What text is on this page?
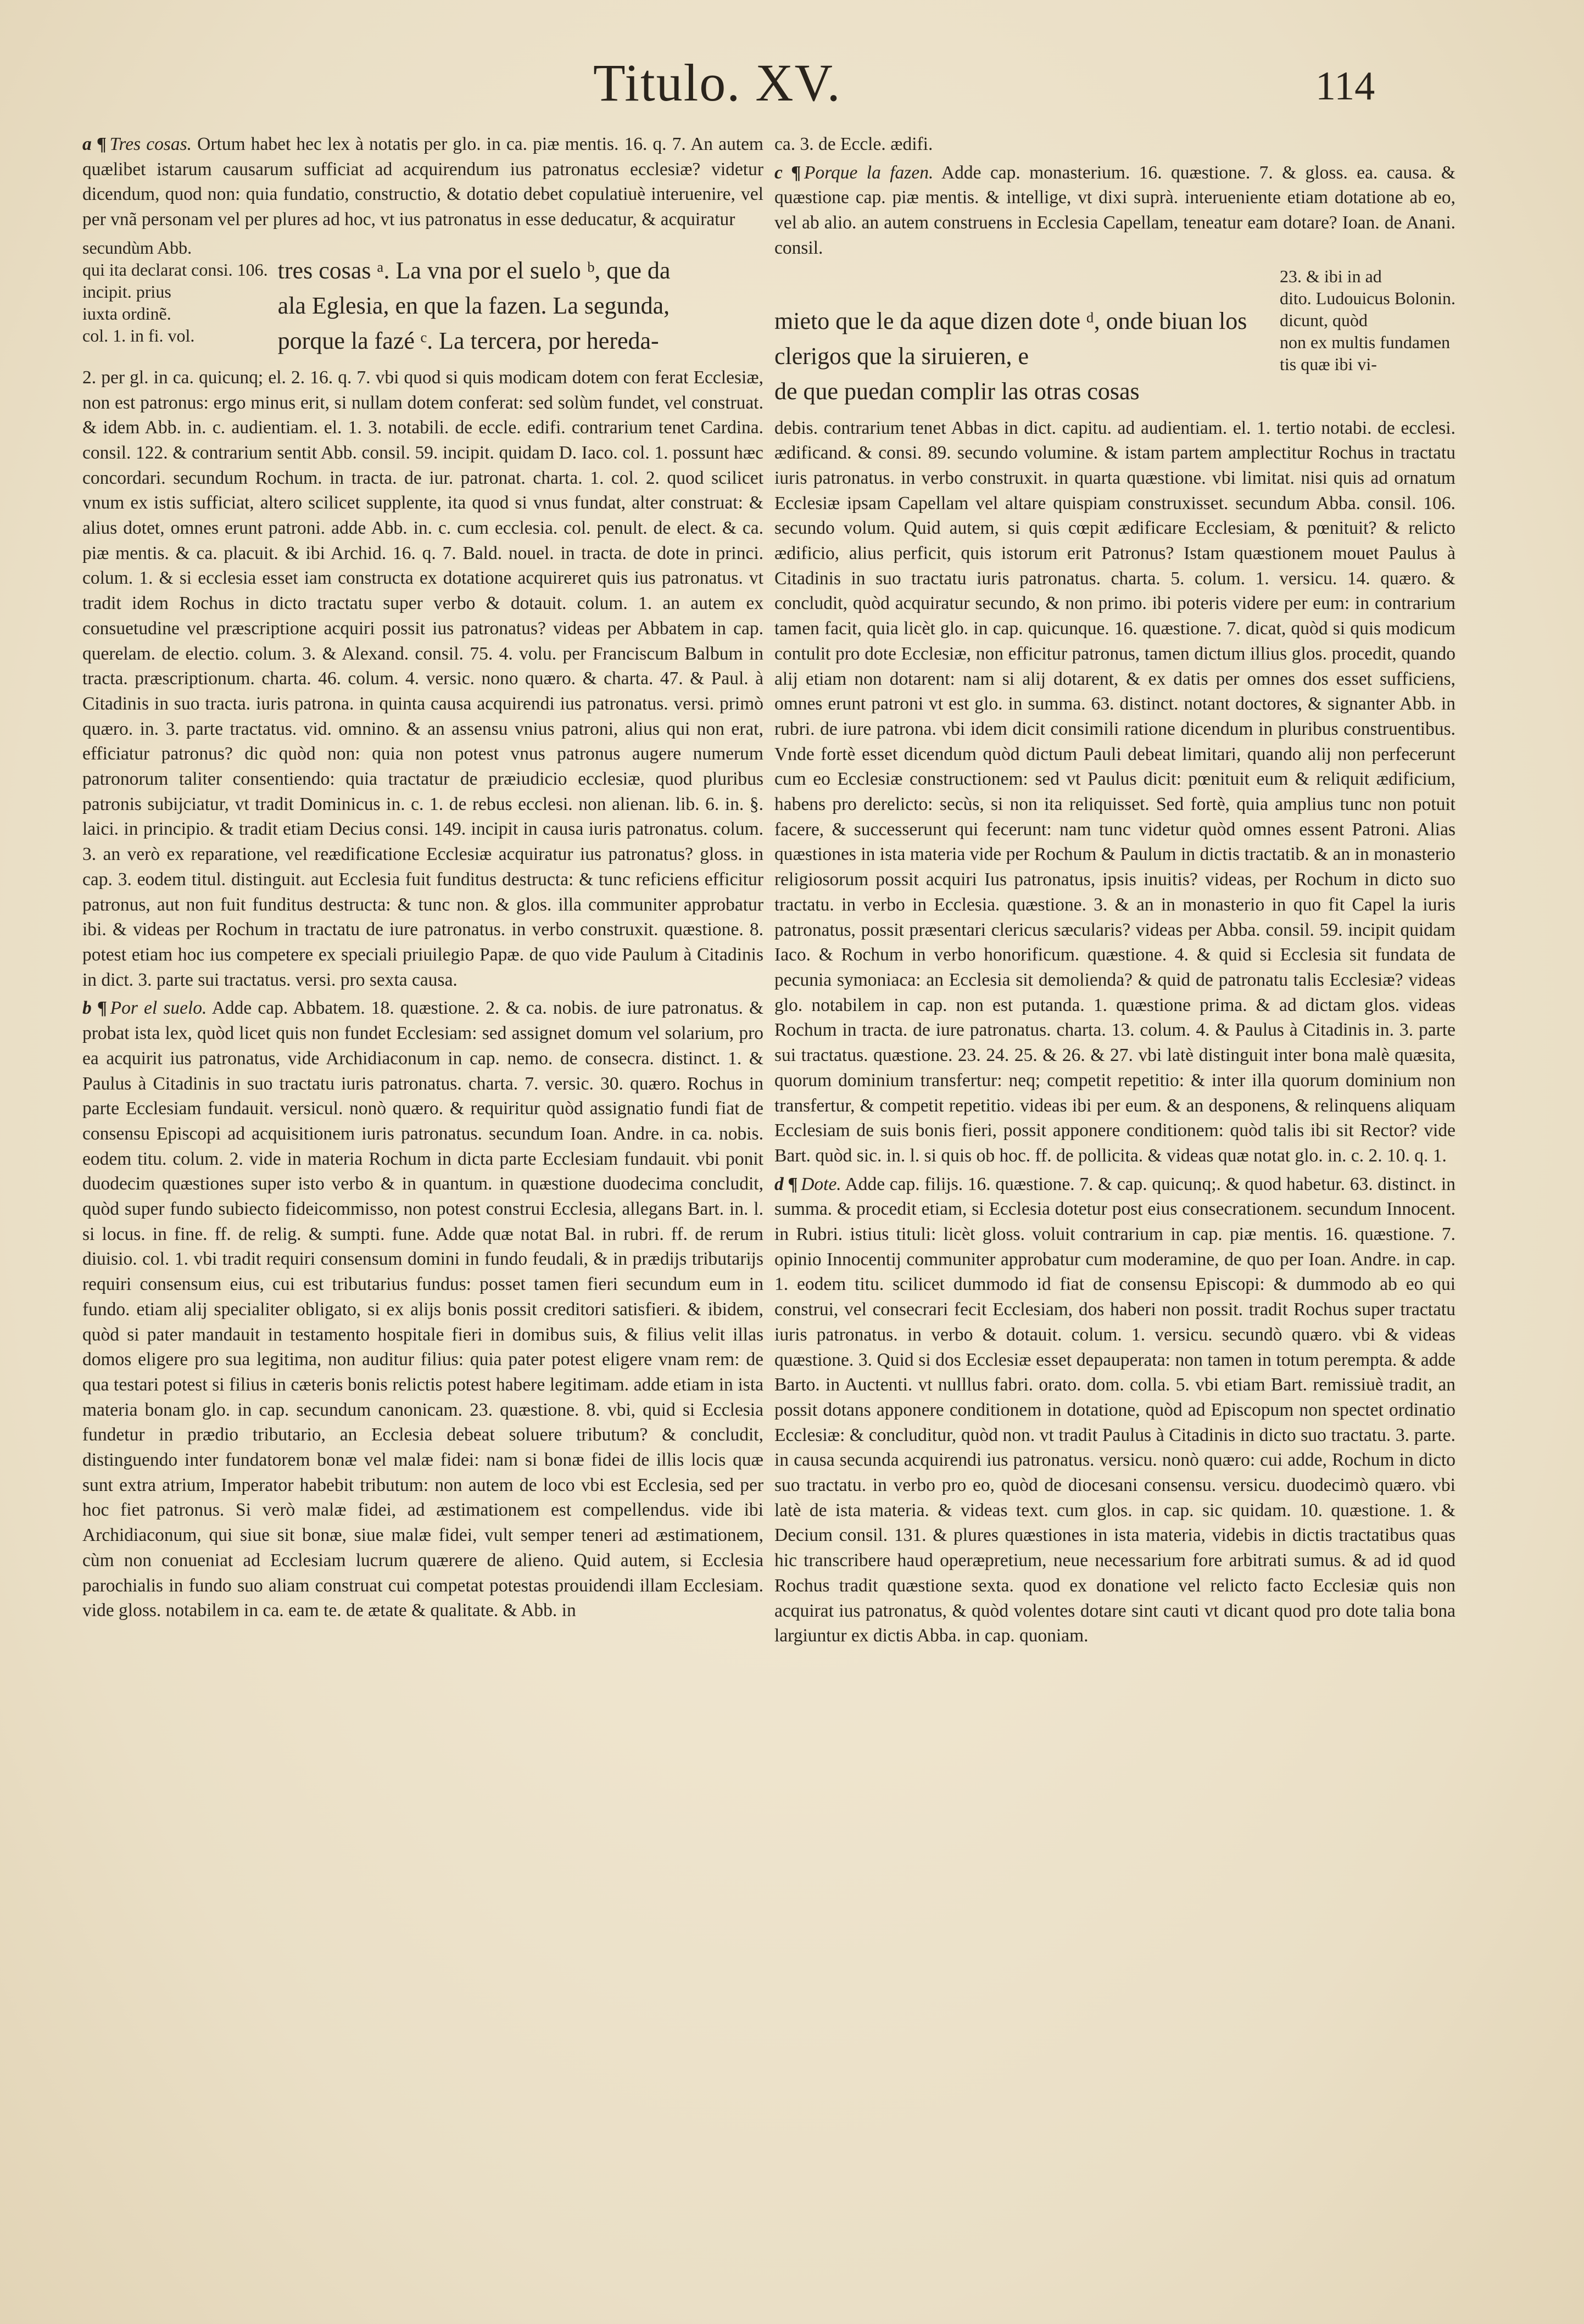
Titulo. XV.	114

a ¶ Tres cosas. Ortum habet hec lex à notatis per glo. in ca. piæ mentis. 16. q. 7. An autem quælibet istarum causarum sufficiat ad acquirendum ius patronatus ecclesiæ? videtur dicendum, quod non: quia fundatio, constructio, & dotatio debet copulatiuè interuenire, vel per vnã personam vel per plures ad hoc, vt ius patronatus in esse deducatur, & acquiratur

secundùm Abb.
qui ita declarat consi. 106.
incipit. prius
iuxta ordinẽ.
col. 1. in fi. vol.
tres cosas ᵃ. La vna por el suelo ᵇ, que da
ala Eglesia, en que la fazen. La segunda,
porque la fazé ᶜ. La tercera, por hereda-

2. per gl. in ca. quicunq; el. 2. 16. q. 7. vbi quod si quis modicam dotem con ferat Ecclesiæ, non est patronus: ergo minus erit, si nullam dotem conferat: sed solùm fundet, vel construat. & idem Abb. in. c. audientiam. el. 1. 3. notabili. de eccle. edifi. contrarium tenet Cardina. consil. 122. & contrarium sentit Abb. consil. 59. incipit. quidam D. Iaco. col. 1. possunt hæc concordari. secundum Rochum. in tracta. de iur. patronat. charta. 1. col. 2. quod scilicet vnum ex istis sufficiat, altero scilicet supplente, ita quod si vnus fundat, alter construat: & alius dotet, omnes erunt patroni. adde Abb. in. c. cum ecclesia. col. penult. de elect. & ca. piæ mentis. & ca. placuit. & ibi Archid. 16. q. 7. Bald. nouel. in tracta. de dote in princi. colum. 1. & si ecclesia esset iam constructa ex dotatione acquireret quis ius patronatus. vt tradit idem Rochus in dicto tractatu super verbo & dotauit. colum. 1. an autem ex consuetudine vel præscriptione acquiri possit ius patronatus? videas per Abbatem in cap. querelam. de electio. colum. 3. & Alexand. consil. 75. 4. volu. per Franciscum Balbum in tracta. præscriptionum. charta. 46. colum. 4. versic. nono quæro. & charta. 47. & Paul. à Citadinis in suo tracta. iuris patrona. in quinta causa acquirendi ius patronatus. versi. primò quæro. in. 3. parte tractatus. vid. omnino. & an assensu vnius patroni, alius qui non erat, efficiatur patronus? dic quòd non: quia non potest vnus patronus augere numerum patronorum taliter consentiendo: quia tractatur de præiudicio ecclesiæ, quod pluribus patronis subijciatur, vt tradit Dominicus in. c. 1. de rebus ecclesi. non alienan. lib. 6. in. §. laici. in principio. & tradit etiam Decius consi. 149. incipit in causa iuris patronatus. colum. 3. an verò ex reparatione, vel reædificatione Ecclesiæ acquiratur ius patronatus? gloss. in cap. 3. eodem titul. distinguit. aut Ecclesia fuit funditus destructa: & tunc reficiens efficitur patronus, aut non fuit funditus destructa: & tunc non. & glos. illa communiter approbatur ibi. & videas per Rochum in tractatu de iure patronatus. in verbo construxit. quæstione. 8. potest etiam hoc ius competere ex speciali priuilegio Papæ. de quo vide Paulum à Citadinis in dict. 3. parte sui tractatus. versi. pro sexta causa.

b ¶ Por el suelo. Adde cap. Abbatem. 18. quæstione. 2. & ca. nobis. de iure patronatus. & probat ista lex, quòd licet quis non fundet Ecclesiam: sed assignet domum vel solarium, pro ea acquirit ius patronatus, vide Archidiaconum in cap. nemo. de consecra. distinct. 1. & Paulus à Citadinis in suo tractatu iuris patronatus. charta. 7. versic. 30. quæro. Rochus in parte Ecclesiam fundauit. versicul. nonò quæro. & requiritur quòd assignatio fundi fiat de consensu Episcopi ad acquisitionem iuris patronatus. secundum Ioan. Andre. in ca. nobis. eodem titu. colum. 2. vide in materia Rochum in dicta parte Ecclesiam fundauit. vbi ponit duodecim quæstiones super isto verbo & in quantum. in quæstione duodecima concludit, quòd super fundo subiecto fideicommisso, non potest construi Ecclesia, allegans Bart. in. l. si locus. in fine. ff. de relig. & sumpti. fune. Adde quæ notat Bal. in rubri. ff. de rerum diuisio. col. 1. vbi tradit requiri consensum domini in fundo feudali, & in prædijs tributarijs requiri consensum eius, cui est tributarius fundus: posset tamen fieri secundum eum in fundo. etiam alij specialiter obligato, si ex alijs bonis possit creditori satisfieri. & ibidem, quòd si pater mandauit in testamento hospitale fieri in domibus suis, & filius velit illas domos eligere pro sua legitima, non auditur filius: quia pater potest eligere vnam rem: de qua testari potest si filius in cæteris bonis relictis potest habere legitimam. adde etiam in ista materia bonam glo. in cap. secundum canonicam. 23. quæstione. 8. vbi, quid si Ecclesia fundetur in prædio tributario, an Ecclesia debeat soluere tributum? & concludit, distinguendo inter fundatorem bonæ vel malæ fidei: nam si bonæ fidei de illis locis quæ sunt extra atrium, Imperator habebit tributum: non autem de loco vbi est Ecclesia, sed per hoc fiet patronus. Si verò malæ fidei, ad æstimationem est compellendus. vide ibi Archidiaconum, qui siue sit bonæ, siue malæ fidei, vult semper teneri ad æstimationem, cùm non conueniat ad Ecclesiam lucrum quærere de alieno. Quid autem, si Ecclesia parochialis in fundo suo aliam construat cui competat potestas prouidendi illam Ecclesiam. vide gloss. notabilem in ca. eam te. de ætate & qualitate. & Abb. in

ca. 3. de Eccle. ædifi.

c ¶ Porque la fazen. Adde cap. monasterium. 16. quæstione. 7. & gloss. ea. causa. & quæstione cap. piæ mentis. & intellige, vt dixi suprà. interueniente etiam dotatione ab eo, vel ab alio. an autem construens in Ecclesia Capellam, teneatur eam dotare? Ioan. de Anani. consil.

23. & ibi in ad
dito. Ludouicus Bolonin.
dicunt, quòd
non ex multis fundamen
tis quæ ibi vi-
mieto que le da aque dizen dote ᵈ, onde biuan los clerigos que la siruieren, e
de que puedan complir las otras cosas

debis. contrarium tenet Abbas in dict. capitu. ad audientiam. el. 1. tertio notabi. de ecclesi. ædificand. & consi. 89. secundo volumine. & istam partem amplectitur Rochus in tractatu iuris patronatus. in verbo construxit. in quarta quæstione. vbi limitat. nisi quis ad ornatum Ecclesiæ ipsam Capellam vel altare quispiam construxisset. secundum Abba. consil. 106. secundo volum. Quid autem, si quis cœpit ædificare Ecclesiam, & pœnituit? & relicto ædificio, alius perficit, quis istorum erit Patronus? Istam quæstionem mouet Paulus à Citadinis in suo tractatu iuris patronatus. charta. 5. colum. 1. versicu. 14. quæro. & concludit, quòd acquiratur secundo, & non primo. ibi poteris videre per eum: in contrarium tamen facit, quia licèt glo. in cap. quicunque. 16. quæstione. 7. dicat, quòd si quis modicum contulit pro dote Ecclesiæ, non efficitur patronus, tamen dictum illius glos. procedit, quando alij etiam non dotarent: nam si alij dotarent, & ex datis per omnes dos esset sufficiens, omnes erunt patroni vt est glo. in summa. 63. distinct. notant doctores, & signanter Abb. in rubri. de iure patrona. vbi idem dicit consimili ratione dicendum in pluribus construentibus. Vnde fortè esset dicendum quòd dictum Pauli debeat limitari, quando alij non perfecerunt cum eo Ecclesiæ constructionem: sed vt Paulus dicit: pœnituit eum & reliquit ædificium, habens pro derelicto: secùs, si non ita reliquisset. Sed fortè, quia amplius tunc non potuit facere, & successerunt qui fecerunt: nam tunc videtur quòd omnes essent Patroni. Alias quæstiones in ista materia vide per Rochum & Paulum in dictis tractatib. & an in monasterio religiosorum possit acquiri Ius patronatus, ipsis inuitis? videas, per Rochum in dicto suo tractatu. in verbo in Ecclesia. quæstione. 3. & an in monasterio in quo fit Capel la iuris patronatus, possit præsentari clericus sæcularis? videas per Abba. consil. 59. incipit quidam Iaco. & Rochum in verbo honorificum. quæstione. 4. & quid si Ecclesia sit fundata de pecunia symoniaca: an Ecclesia sit demolienda? & quid de patronatu talis Ecclesiæ? videas glo. notabilem in cap. non est putanda. 1. quæstione prima. & ad dictam glos. videas Rochum in tracta. de iure patronatus. charta. 13. colum. 4. & Paulus à Citadinis in. 3. parte sui tractatus. quæstione. 23. 24. 25. & 26. & 27. vbi latè distinguit inter bona malè quæsita, quorum dominium transfertur: neq; competit repetitio: & inter illa quorum dominium non transfertur, & competit repetitio. videas ibi per eum. & an desponens, & relinquens aliquam Ecclesiam de suis bonis fieri, possit apponere conditionem: quòd talis ibi sit Rector? vide Bart. quòd sic. in. l. si quis ob hoc. ff. de pollicita. & videas quæ notat glo. in. c. 2. 10. q. 1.

d ¶ Dote. Adde cap. filijs. 16. quæstione. 7. & cap. quicunq;. & quod habetur. 63. distinct. in summa. & procedit etiam, si Ecclesia dotetur post eius consecrationem. secundum Innocent. in Rubri. istius tituli: licèt gloss. voluit contrarium in cap. piæ mentis. 16. quæstione. 7. opinio Innocentij communiter approbatur cum moderamine, de quo per Ioan. Andre. in cap. 1. eodem titu. scilicet dummodo id fiat de consensu Episcopi: & dummodo ab eo qui construi, vel consecrari fecit Ecclesiam, dos haberi non possit. tradit Rochus super tractatu iuris patronatus. in verbo & dotauit. colum. 1. versicu. secundò quæro. vbi & videas quæstione. 3. Quid si dos Ecclesiæ esset depauperata: non tamen in totum perempta. & adde Barto. in Auctenti. vt nulllus fabri. orato. dom. colla. 5. vbi etiam Bart. remissiuè tradit, an possit dotans apponere conditionem in dotatione, quòd ad Episcopum non spectet ordinatio Ecclesiæ: & concluditur, quòd non. vt tradit Paulus à Citadinis in dicto suo tractatu. 3. parte. in causa secunda acquirendi ius patronatus. versicu. nonò quæro: cui adde, Rochum in dicto suo tractatu. in verbo pro eo, quòd de diocesani consensu. versicu. duodecimò quæro. vbi latè de ista materia. & videas text. cum glos. in cap. sic quidam. 10. quæstione. 1. & Decium consil. 131. & plures quæstiones in ista materia, videbis in dictis tractatibus quas hic transcribere haud operæpretium, neue necessarium fore arbitrati sumus. & ad id quod Rochus tradit quæstione sexta. quod ex donatione vel relicto facto Ecclesiæ quis non acquirat ius patronatus, & quòd volentes dotare sint cauti vt dicant quod pro dote talia bona largiuntur ex dictis Abba. in cap. quoniam.
